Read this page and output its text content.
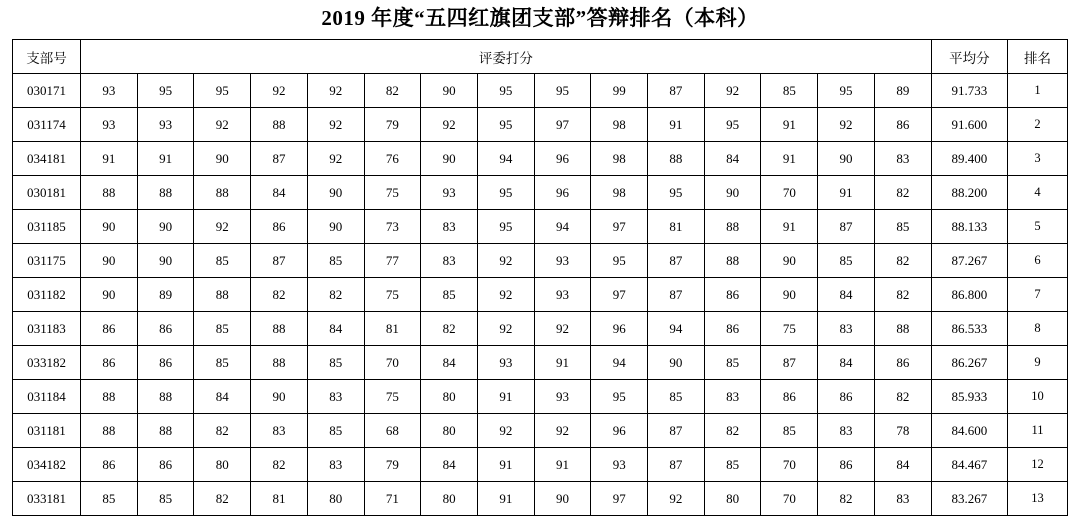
2019 年度“五四红旗团支部”答辩排名（本科）
支部号	评委打分															平均分	排名
030171	93	95	95	92	92	82	90	95	95	99	87	92	85	95	89	91.733	1
031174	93	93	92	88	92	79	92	95	97	98	91	95	91	92	86	91.600	2
034181	91	91	90	87	92	76	90	94	96	98	88	84	91	90	83	89.400	3
030181	88	88	88	84	90	75	93	95	96	98	95	90	70	91	82	88.200	4
031185	90	90	92	86	90	73	83	95	94	97	81	88	91	87	85	88.133	5
031175	90	90	85	87	85	77	83	92	93	95	87	88	90	85	82	87.267	6
031182	90	89	88	82	82	75	85	92	93	97	87	86	90	84	82	86.800	7
031183	86	86	85	88	84	81	82	92	92	96	94	86	75	83	88	86.533	8
033182	86	86	85	88	85	70	84	93	91	94	90	85	87	84	86	86.267	9
031184	88	88	84	90	83	75	80	91	93	95	85	83	86	86	82	85.933	10
031181	88	88	82	83	85	68	80	92	92	96	87	82	85	83	78	84.600	11
034182	86	86	80	82	83	79	84	91	91	93	87	85	70	86	84	84.467	12
033181	85	85	82	81	80	71	80	91	90	97	92	80	70	82	83	83.267	13
